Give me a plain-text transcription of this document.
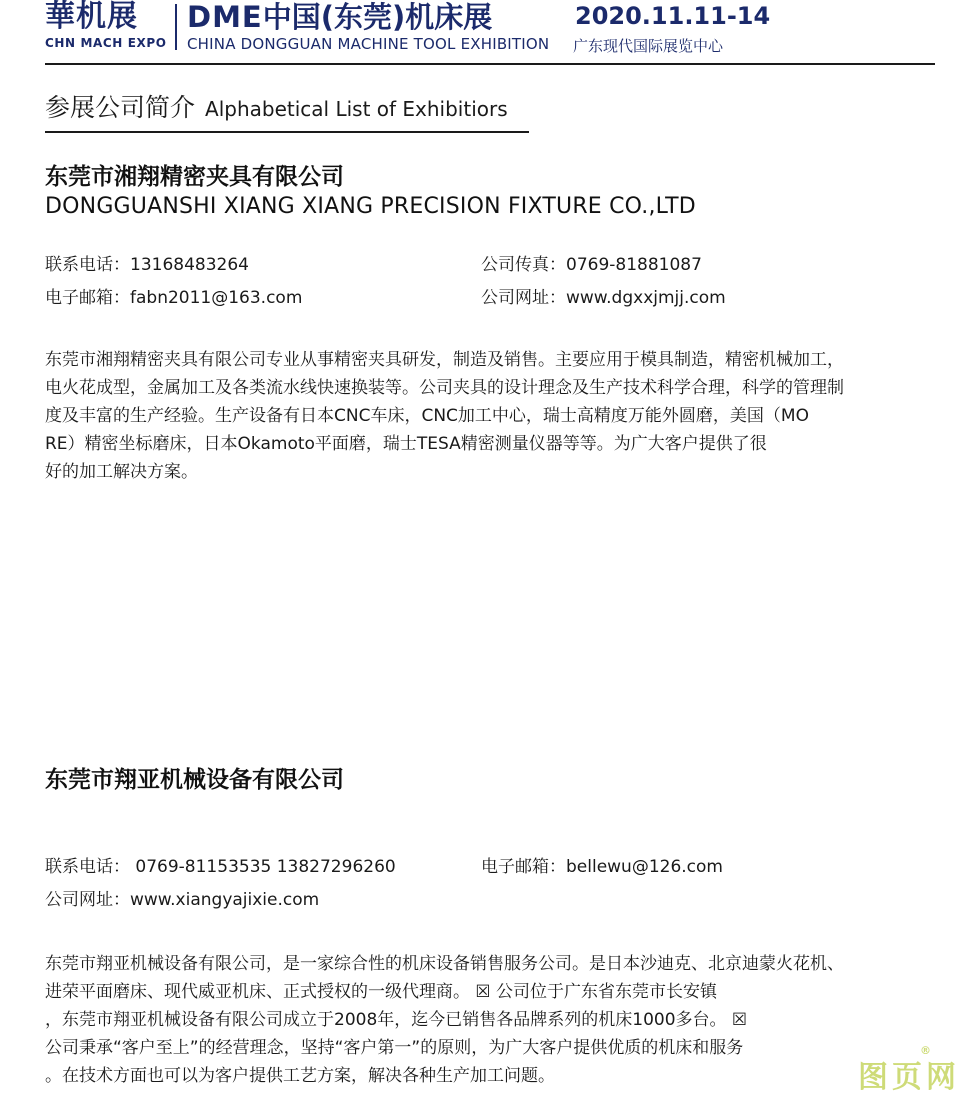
華机展
CHN MACH EXPO
DME中国(东莞)机床展
CHINA DONGGUAN MACHINE TOOL EXHIBITION
2020.11.11-14
广东现代国际展览中心
参展公司简介 Alphabetical List of Exhibitiors
东莞市湘翔精密夹具有限公司
DONGGUANSHI XIANG XIANG PRECISION FIXTURE CO.,LTD
联系电话：13168483264	公司传真：0769-81881087
电子邮箱：fabn2011@163.com	公司网址：www.dgxxjmjj.com
东莞市湘翔精密夹具有限公司专业从事精密夹具研发，制造及销售。主要应用于模具制造，精密机械加工，
电火花成型，金属加工及各类流水线快速换装等。公司夹具的设计理念及生产技术科学合理，科学的管理制
度及丰富的生产经验。生产设备有日本CNC车床，CNC加工中心，瑞士高精度万能外圆磨，美国（MO
RE）精密坐标磨床，日本Okamoto平面磨，瑞士TESA精密测量仪器等等。为广大客户提供了很
好的加工解决方案。
东莞市翔亚机械设备有限公司
联系电话： 0769-81153535 13827296260	电子邮箱：bellewu@126.com
公司网址：www.xiangyajixie.com
东莞市翔亚机械设备有限公司，是一家综合性的机床设备销售服务公司。是日本沙迪克、北京迪蒙火花机、
进荣平面磨床、现代威亚机床、正式授权的一级代理商。 ☒ 公司位于广东省东莞市长安镇
，东莞市翔亚机械设备有限公司成立于2008年，迄今已销售各品牌系列的机床1000多台。 ☒
公司秉承“客户至上”的经营理念，坚持“客户第一”的原则，为广大客户提供优质的机床和服务
。在技术方面也可以为客户提供工艺方案，解决各种生产加工问题。	图页网
®
